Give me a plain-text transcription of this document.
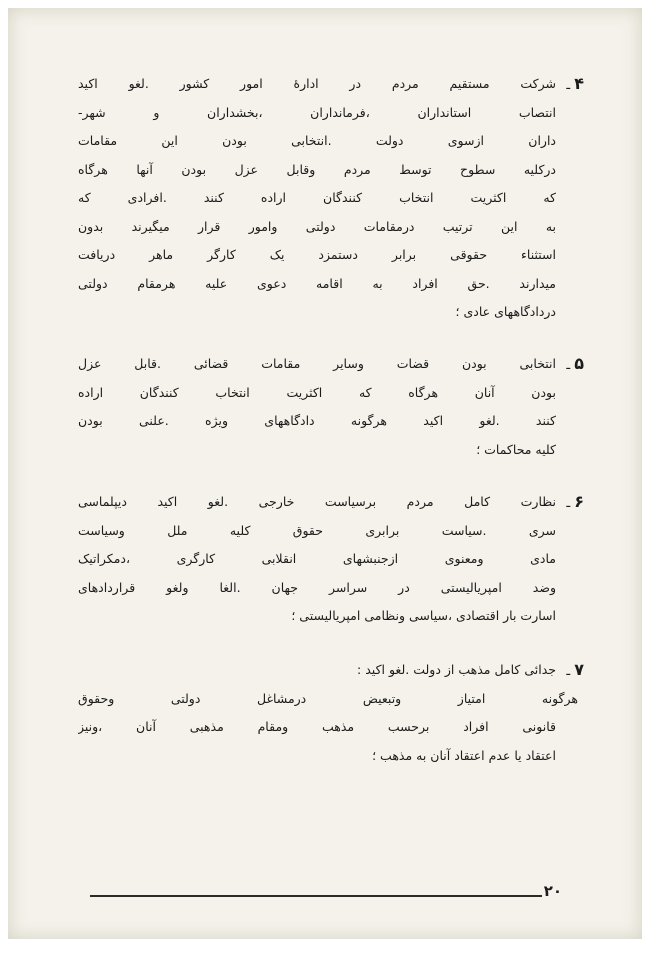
۴ـ
شرکت مستقیم مردم در ادارهٔ امور کشور .لغو اکید
انتصاب استانداران ،فرمانداران ،بخشداران و شهر-
داران ازسوی دولت .انتخابی بودن این مقامات
درکلیه سطوح توسط مردم وقابل عزل بودن آنها هرگاه
که اکثریت انتخاب کنندگان اراده کنند .افرادی که
به این ترتیب درمقامات دولتی وامور قرار میگیرند بدون
استثناء حقوقی برابر دستمزد یک کارگر ماهر دریافت
میدارند .حق افراد به اقامه دعوی علیه هرمقام دولتی
دردادگاههای عادی ؛
۵ـ
انتخابی بودن قضات وسایر مقامات قضائی .قابل عزل
بودن آنان هرگاه که اکثریت انتخاب کنندگان اراده
کنند .لغو اکید هرگونه دادگاههای ویژه .علنی بودن
کلیه محاکمات ؛
۶ـ
نظارت کامل مردم برسیاست خارجی .لغو اکید دیپلماسی
سری .سیاست برابری حقوق کلیه ملل وسیاست
مادی ومعنوی ازجنبشهای انقلابی کارگری ،دمکراتیک
وضد امپریالیستی در سراسر جهان .الغا ولغو قراردادهای
اسارت بار اقتصادی ،سیاسی ونظامی امپریالیستی ؛
۷ـ
جدائی کامل مذهب از دولت .لغو اکید :
هرگونه امتیاز وتبعیض درمشاغل دولتی وحقوق
قانونی افراد برحسب مذهب ومقام مذهبی آنان ،ونیز
اعتقاد یا عدم اعتقاد آنان به مذهب ؛
۲۰
